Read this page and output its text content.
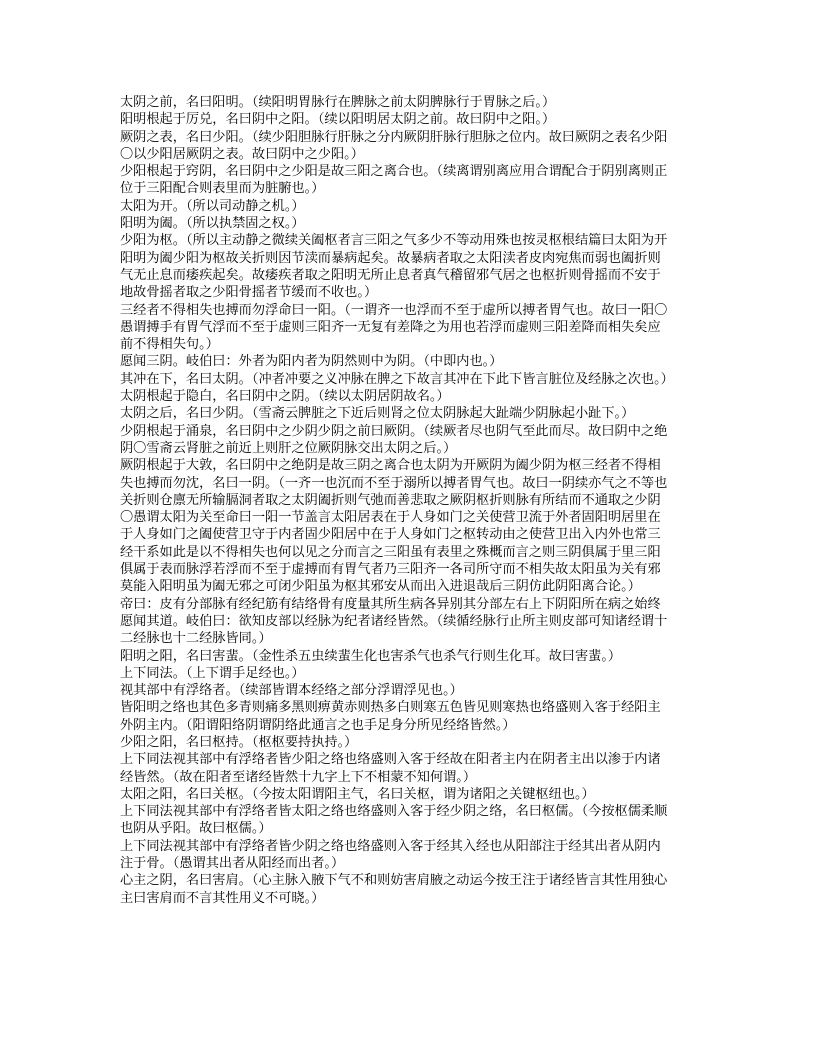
太阴之前，名曰阳明。（续阳明胃脉行在脾脉之前太阴脾脉行于胃脉之后。）
阳明根起于厉兑，名曰阴中之阳。（续以阳明居太阴之前。故曰阴中之阳。）
厥阴之表，名曰少阳。（续少阳胆脉行肝脉之分内厥阴肝脉行胆脉之位内。故曰厥阴之表名少阳
〇以少阳居厥阴之表。故曰阴中之少阳。）
少阳根起于窍阴，名曰阴中之少阳是故三阳之离合也。（续离谓别离应用合谓配合于阴别离则正
位于三阳配合则表里而为脏腑也。）
太阳为开。（所以司动静之机。）
阳明为阖。（所以执禁固之权。）
少阳为枢。（所以主动静之微续关阖枢者言三阳之气多少不等动用殊也按灵枢根结篇曰太阳为开
阳明为阖少阳为枢故关折则因节渎而暴病起矣。故暴病者取之太阳渎者皮肉宛焦而弱也阖折则
气无止息而痿疾起矣。故痿疾者取之阳明无所止息者真气稽留邪气居之也枢折则骨摇而不安于
地故骨摇者取之少阳骨摇者节缓而不收也。）
三经者不得相失也搏而勿浮命曰一阳。（一谓齐一也浮而不至于虚所以搏者胃气也。故曰一阳〇
愚谓搏手有胃气浮而不至于虚则三阳齐一无复有差降之为用也若浮而虚则三阳差降而相失矣应
前不得相失句。）
愿闻三阴。岐伯曰：外者为阳内者为阴然则中为阴。（中即内也。）
其冲在下，名曰太阴。（冲者冲要之义冲脉在脾之下故言其冲在下此下皆言脏位及经脉之次也。）
太阴根起于隐白，名曰阴中之阴。（续以太阴居阴故名。）
太阴之后，名曰少阴。（雪斋云脾脏之下近后则肾之位太阴脉起大趾端少阴脉起小趾下。）
少阴根起于涌泉，名曰阴中之少阴少阴之前曰厥阴。（续厥者尽也阴气至此而尽。故曰阴中之绝
阴〇雪斋云肾脏之前近上则肝之位厥阴脉交出太阴之后。）
厥阴根起于大敦，名曰阴中之绝阴是故三阴之离合也太阴为开厥阴为阖少阴为枢三经者不得相
失也搏而勿沈，名曰一阴。（一齐一也沉而不至于溺所以搏者胃气也。故曰一阴续亦气之不等也
关折则仓廪无所输膈洞者取之太阴阖折则气弛而善悲取之厥阴枢折则脉有所结而不通取之少阴
〇愚谓太阳为关至命曰一阳一节盖言太阳居表在于人身如门之关使营卫流于外者固阳明居里在
于人身如门之阖使营卫守于内者固少阳居中在于人身如门之枢转动由之使营卫出入内外也常三
经干系如此是以不得相失也何以见之分而言之三阳虽有表里之殊概而言之则三阴俱属于里三阳
俱属于表而脉浮若浮而不至于虚搏而有胃气者乃三阳齐一各司所守而不相失故太阳虽为关有邪
莫能入阳明虽为阖无邪之可闭少阳虽为枢其邪安从而出入进退哉后三阴仿此阴阳离合论。）
帝曰：皮有分部脉有经纪筋有结络骨有度量其所生病各异别其分部左右上下阴阳所在病之始终
愿闻其道。岐伯曰：欲知皮部以经脉为纪者诸经皆然。（续循经脉行止所主则皮部可知诸经谓十
二经脉也十二经脉皆同。）
阳明之阳，名曰害蜚。（金性杀五虫续蜚生化也害杀气也杀气行则生化耳。故曰害蜚。）
上下同法。（上下谓手足经也。）
视其部中有浮络者。（续部皆谓本经络之部分浮谓浮见也。）
皆阳明之络也其色多青则痛多黑则痹黄赤则热多白则寒五色皆见则寒热也络盛则入客于经阳主
外阴主内。（阳谓阳络阴谓阴络此通言之也手足身分所见经络皆然。）
少阳之阳，名曰枢持。（枢枢要持执持。）
上下同法视其部中有浮络者皆少阳之络也络盛则入客于经故在阳者主内在阴者主出以渗于内诸
经皆然。（故在阳者至诸经皆然十九字上下不相蒙不知何谓。）
太阳之阳，名曰关枢。（今按太阳谓阳主气，名曰关枢，谓为诸阳之关键枢纽也。）
上下同法视其部中有浮络者皆太阳之络也络盛则入客于经少阴之络，名曰枢儒。（今按枢儒柔顺
也阴从乎阳。故曰枢儒。）
上下同法视其部中有浮络者皆少阴之络也络盛则入客于经其入经也从阳部注于经其出者从阴内
注于骨。（愚谓其出者从阳经而出者。）
心主之阴，名曰害肩。（心主脉入腋下气不和则妨害肩腋之动运今按王注于诸经皆言其性用独心
主曰害肩而不言其性用义不可晓。）
